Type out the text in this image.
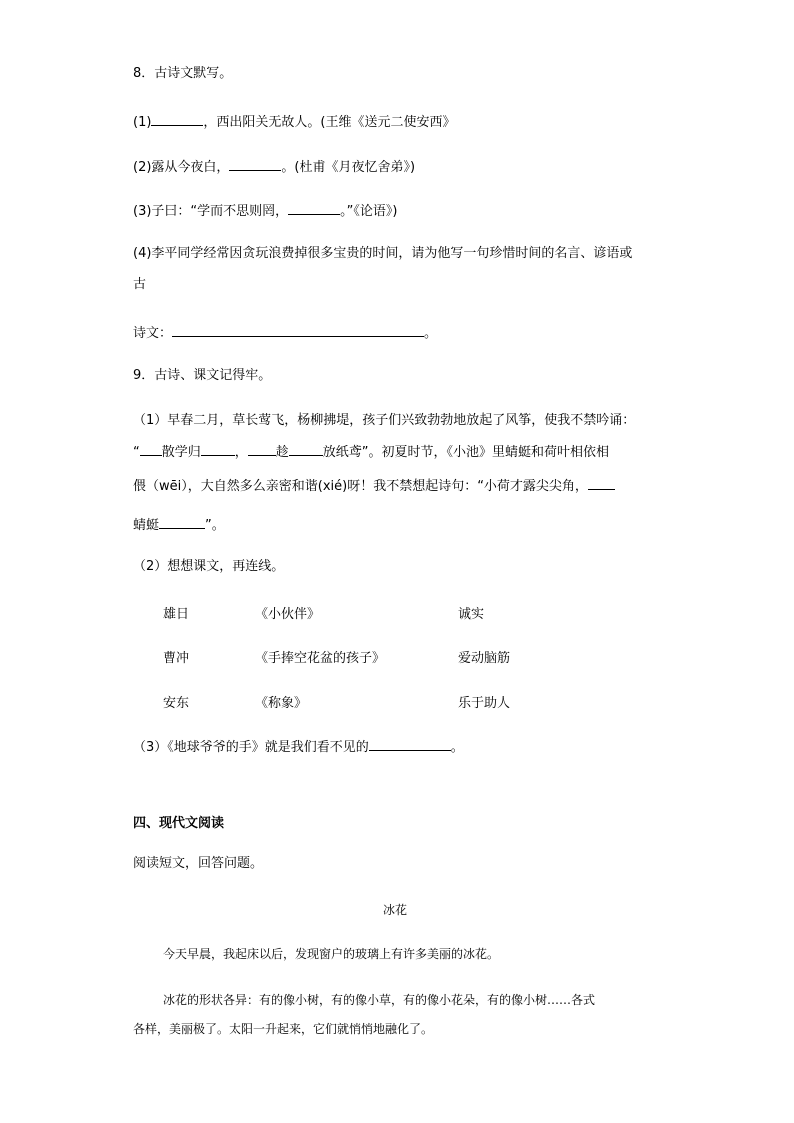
8．古诗文默写。
(1)	，西出阳关无故人。(王维《送元二使安西》
(2)露从今夜白，	。(杜甫《月夜忆舍弟》)
(3)子曰：“学而不思则罔，	。”《论语》)
(4)李平同学经常因贪玩浪费掉很多宝贵的时间，请为他写一句珍惜时间的名言、谚语或
古
诗文：	。
9．古诗、课文记得牢。
（1）早春二月，草长莺飞，杨柳拂堤，孩子们兴致勃勃地放起了风筝，使我不禁吟诵：
“ 散学归	， 趁	放纸鸢”。初夏时节，《小池》里蜻蜓和荷叶相依相
偎（wēi），大自然多么亲密和谐(xié)呀！我不禁想起诗句：“小荷才露尖尖角，
蜻蜓	”。
（2）想想课文，再连线。
雄日	《小伙伴》	诚实
曹冲	《手捧空花盆的孩子》	爱动脑筋
安东	《称象》	乐于助人
（3）《地球爷爷的手》就是我们看不见的	。
四、现代文阅读
阅读短文，回答问题。
冰花
今天早晨，我起床以后，发现窗户的玻璃上有许多美丽的冰花。
冰花的形状各异：有的像小树，有的像小草，有的像小花朵，有的像小树……各式
各样，美丽极了。太阳一升起来，它们就悄悄地融化了。
